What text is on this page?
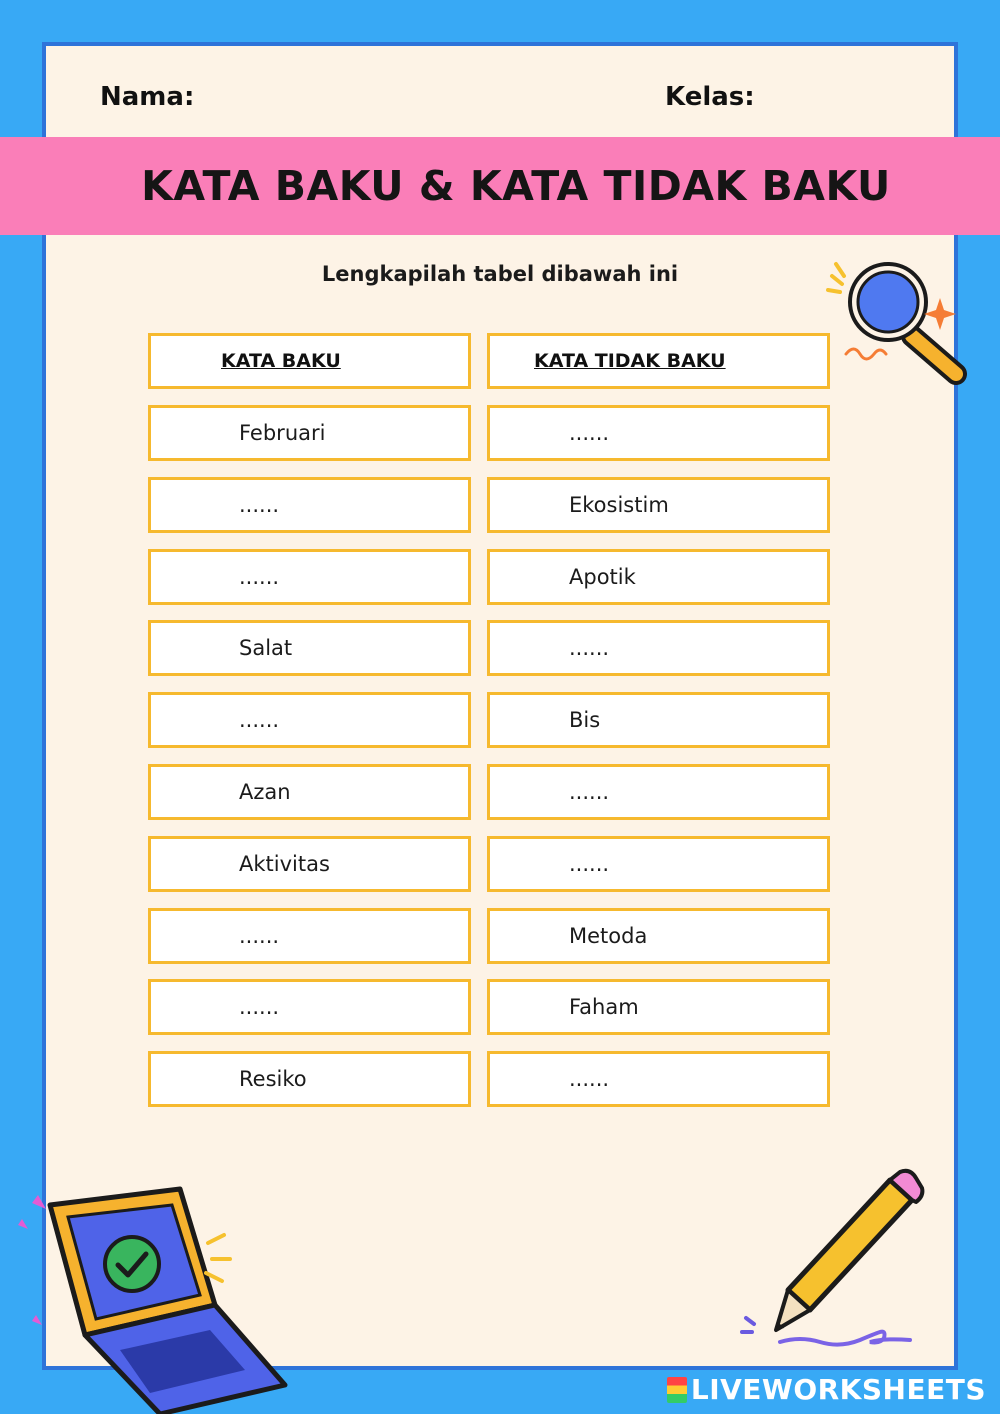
Nama:	Kelas:
KATA BAKU & KATA TIDAK BAKU
Lengkapilah tabel dibawah ini
KATA BAKU	KATA TIDAK BAKU
Februari	......
......	Ekosistim
......	Apotik
Salat	......
......	Bis
Azan	......
Aktivitas	......
......	Metoda
......	Faham
Resiko	......
LIVEWORKSHEETS
